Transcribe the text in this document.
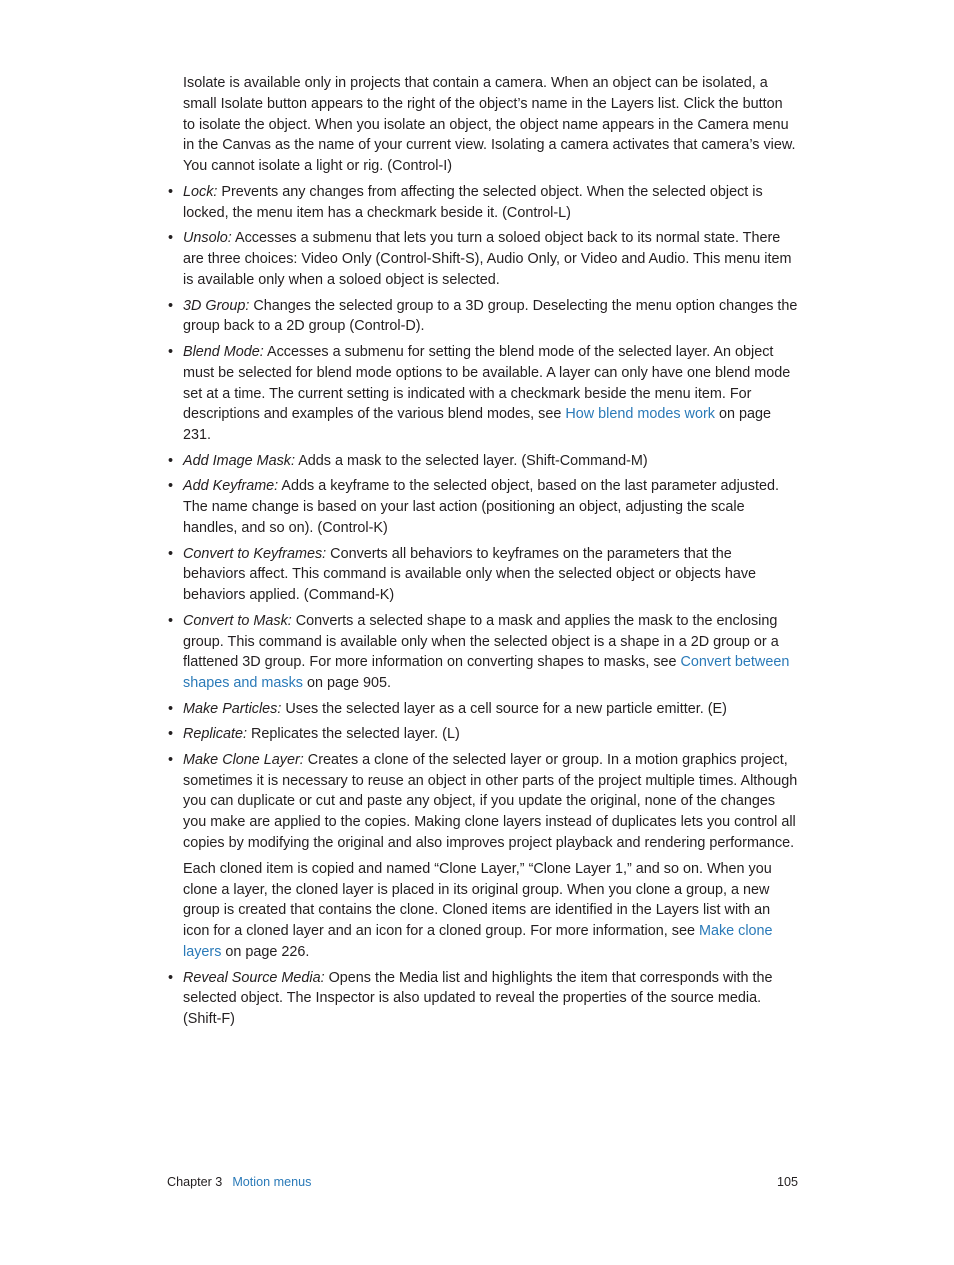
Isolate is available only in projects that contain a camera. When an object can be isolated, a small Isolate button appears to the right of the object’s name in the Layers list. Click the button to isolate the object. When you isolate an object, the object name appears in the Camera menu in the Canvas as the name of your current view. Isolating a camera activates that camera’s view. You cannot isolate a light or rig. (Control-I)

• Lock: Prevents any changes from affecting the selected object. When the selected object is locked, the menu item has a checkmark beside it. (Control-L)
• Unsolo: Accesses a submenu that lets you turn a soloed object back to its normal state. There are three choices: Video Only (Control-Shift-S), Audio Only, or Video and Audio. This menu item is available only when a soloed object is selected.
• 3D Group: Changes the selected group to a 3D group. Deselecting the menu option changes the group back to a 2D group (Control-D).
• Blend Mode: Accesses a submenu for setting the blend mode of the selected layer. An object must be selected for blend mode options to be available. A layer can only have one blend mode set at a time. The current setting is indicated with a checkmark beside the menu item. For descriptions and examples of the various blend modes, see How blend modes work on page 231.
• Add Image Mask: Adds a mask to the selected layer. (Shift-Command-M)
• Add Keyframe: Adds a keyframe to the selected object, based on the last parameter adjusted. The name change is based on your last action (positioning an object, adjusting the scale handles, and so on). (Control-K)
• Convert to Keyframes: Converts all behaviors to keyframes on the parameters that the behaviors affect. This command is available only when the selected object or objects have behaviors applied. (Command-K)
• Convert to Mask: Converts a selected shape to a mask and applies the mask to the enclosing group. This command is available only when the selected object is a shape in a 2D group or a flattened 3D group. For more information on converting shapes to masks, see Convert between shapes and masks on page 905.
• Make Particles: Uses the selected layer as a cell source for a new particle emitter. (E)
• Replicate: Replicates the selected layer. (L)
• Make Clone Layer: Creates a clone of the selected layer or group. In a motion graphics project, sometimes it is necessary to reuse an object in other parts of the project multiple times. Although you can duplicate or cut and paste any object, if you update the original, none of the changes you make are applied to the copies. Making clone layers instead of duplicates lets you control all copies by modifying the original and also improves project playback and rendering performance.
Each cloned item is copied and named “Clone Layer,” “Clone Layer 1,” and so on. When you clone a layer, the cloned layer is placed in its original group. When you clone a group, a new group is created that contains the clone. Cloned items are identified in the Layers list with an icon for a cloned layer and an icon for a cloned group. For more information, see Make clone layers on page 226.
• Reveal Source Media: Opens the Media list and highlights the item that corresponds with the selected object. The Inspector is also updated to reveal the properties of the source media. (Shift-F)
Chapter 3 Motion menus	105
